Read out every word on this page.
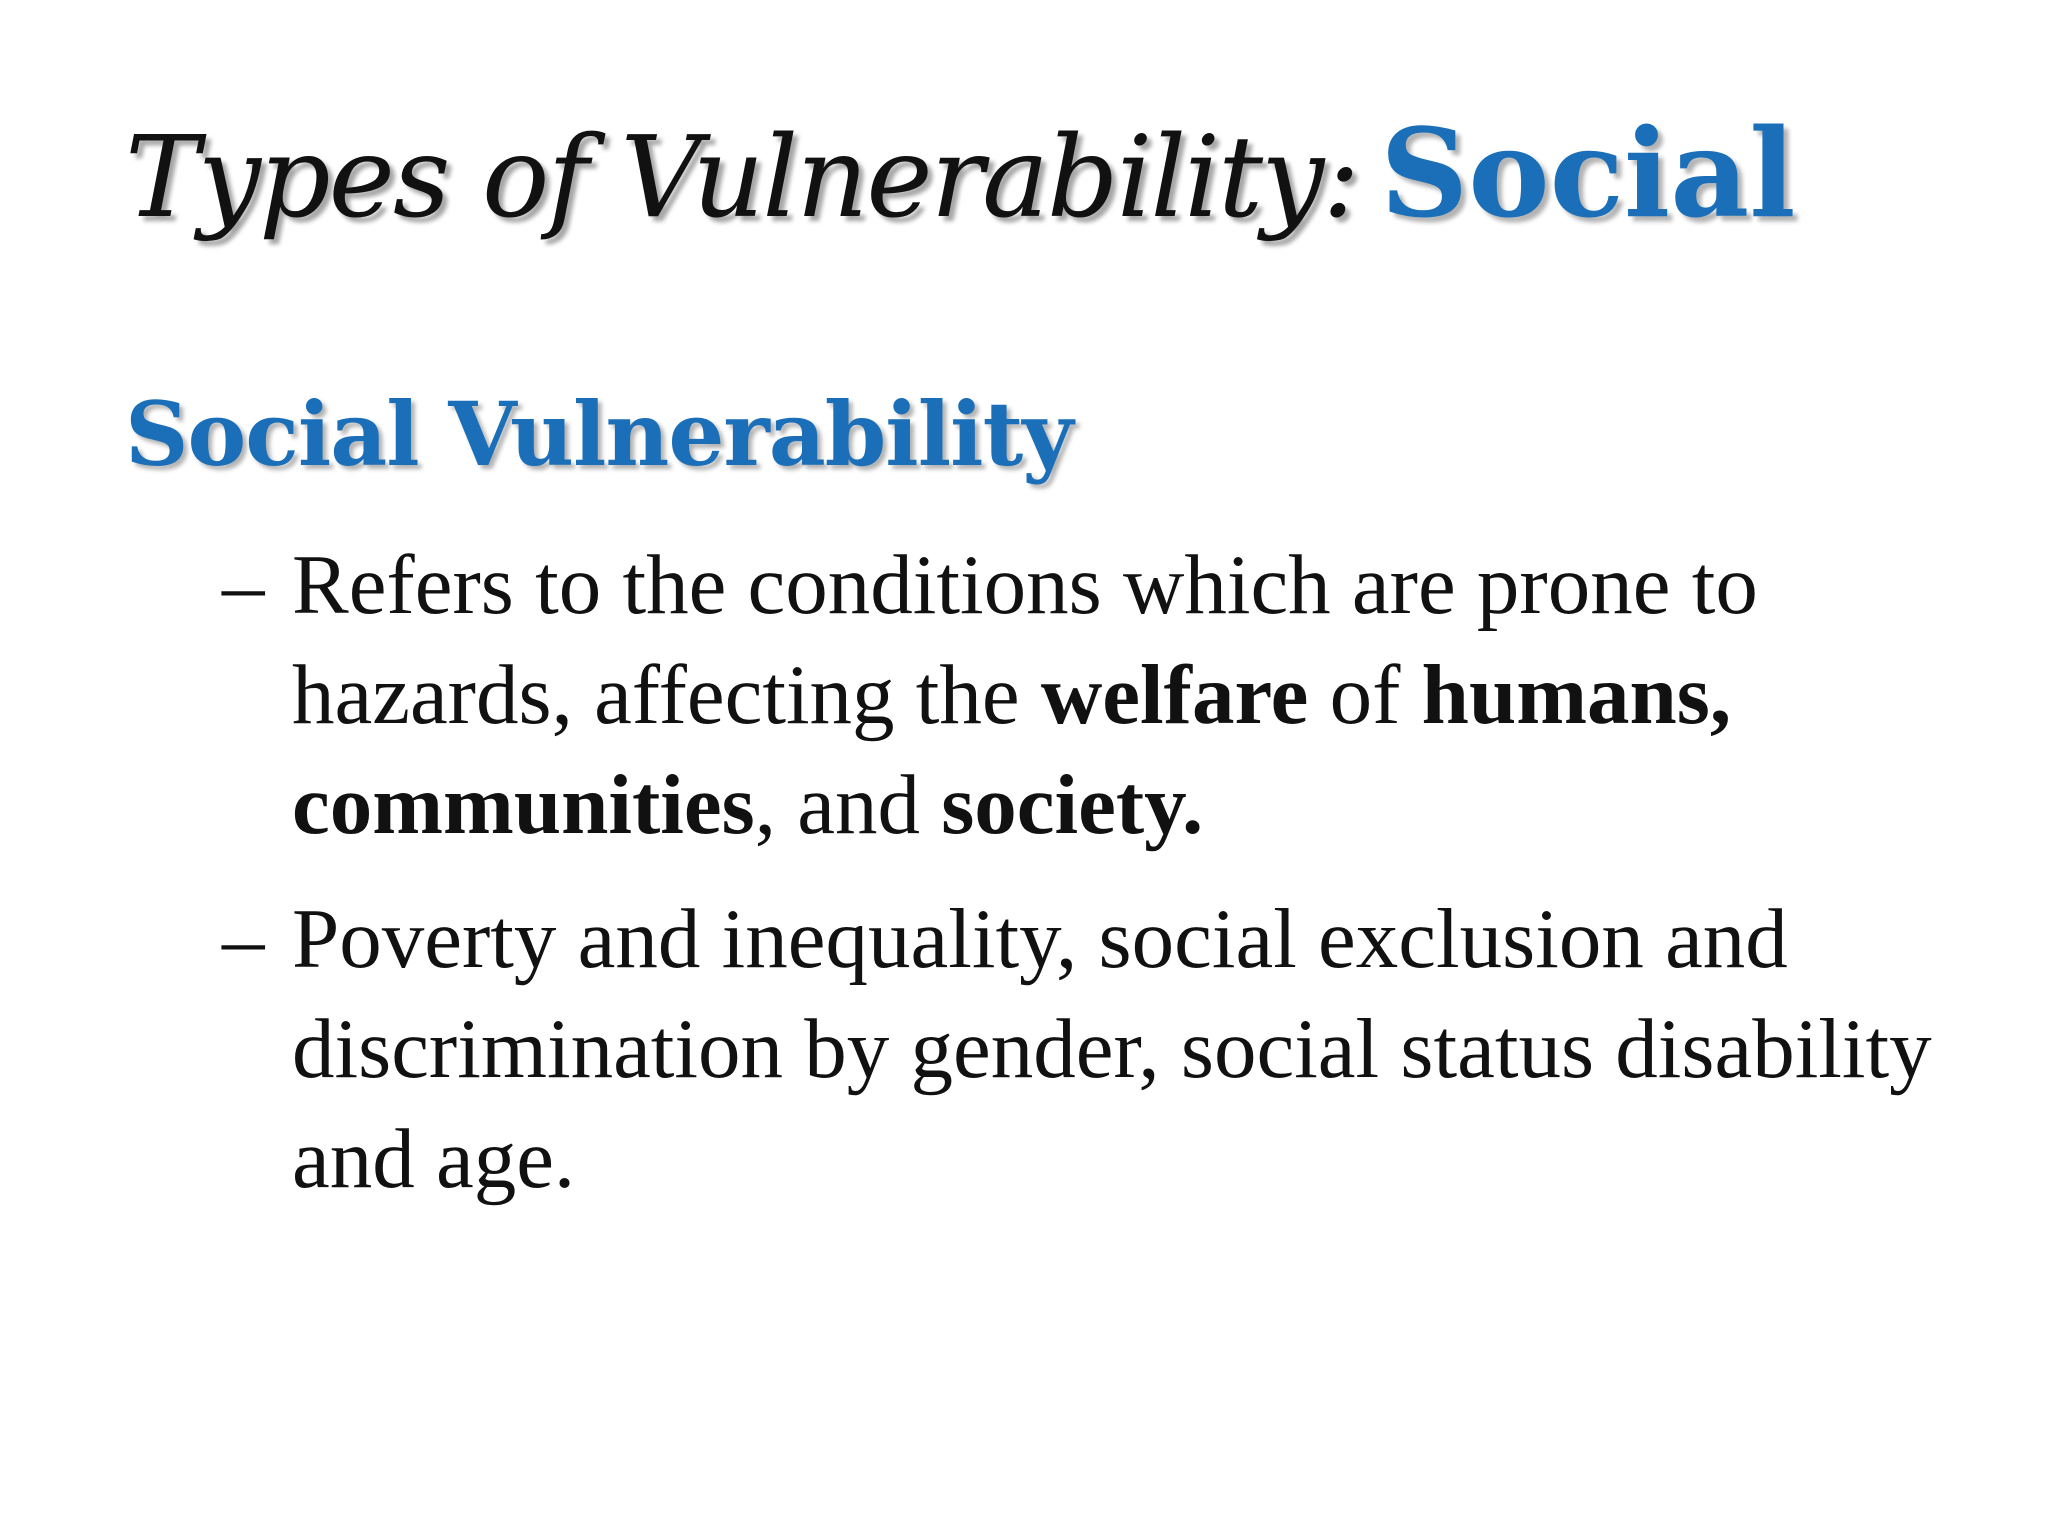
Types of Vulnerability: Social
Social Vulnerability
– Refers to the conditions which are prone to hazards, affecting the welfare of humans, communities, and society.
– Poverty and inequality, social exclusion and discrimination by gender, social status disability and age.
